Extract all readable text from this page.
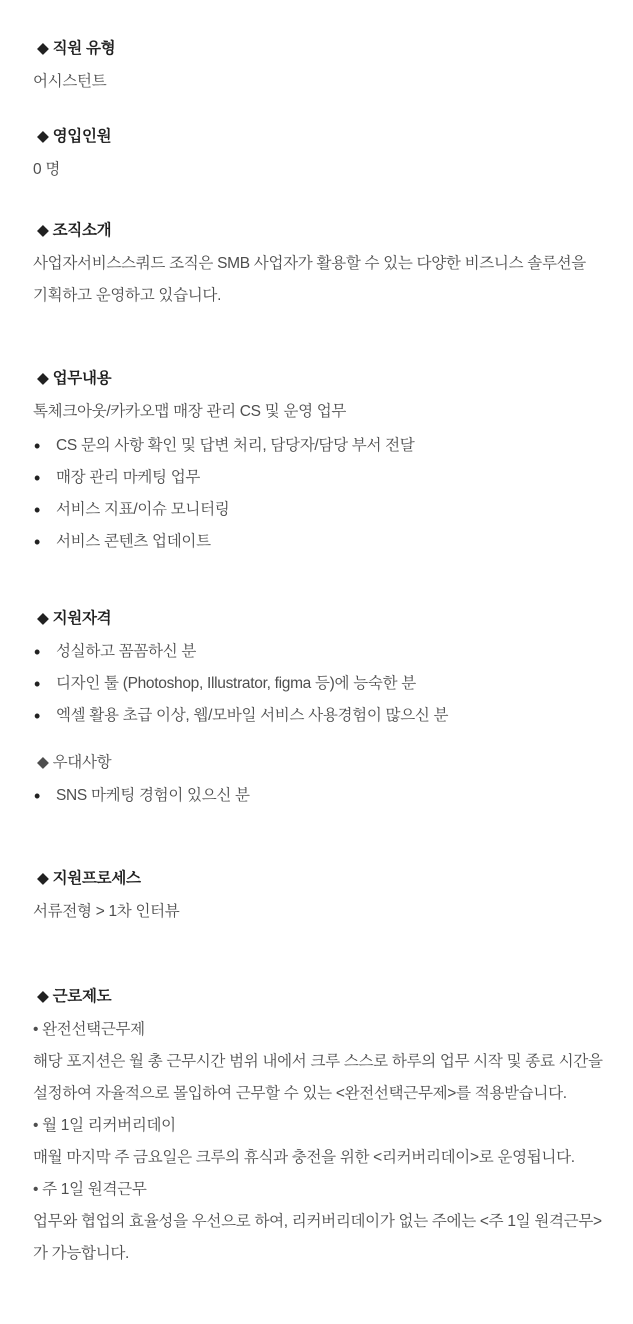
◆ 직원 유형

어시스턴트

◆ 영입인원

0 명

◆ 조직소개

사업자서비스스쿼드 조직은 SMB 사업자가 활용할 수 있는 다양한 비즈니스 솔루션을 기획하고 운영하고 있습니다.

◆ 업무내용

톡체크아웃/카카오맵 매장 관리 CS 및 운영 업무

• CS 문의 사항 확인 및 답변 처리, 담당자/담당 부서 전달
• 매장 관리 마케팅 업무
• 서비스 지표/이슈 모니터링
• 서비스 콘텐츠 업데이트
◆ 지원자격
• 성실하고 꼼꼼하신 분
• 디자인 툴 (Photoshop, Illustrator, figma 등)에 능숙한 분
• 엑셀 활용 초급 이상, 웹/모바일 서비스 사용경험이 많으신 분
◆ 우대사항
• SNS 마케팅 경험이 있으신 분
◆ 지원프로세스

서류전형 > 1차 인터뷰

◆ 근로제도

• 완전선택근무제

해당 포지션은 월 총 근무시간 범위 내에서 크루 스스로 하루의 업무 시작 및 종료 시간을 설정하여 자율적으로 몰입하여 근무할 수 있는 <완전선택근무제>를 적용받습니다.

• 월 1일 리커버리데이

매월 마지막 주 금요일은 크루의 휴식과 충전을 위한 <리커버리데이>로 운영됩니다.

• 주 1일 원격근무

업무와 협업의 효율성을 우선으로 하여, 리커버리데이가 없는 주에는 <주 1일 원격근무>가 가능합니다.
